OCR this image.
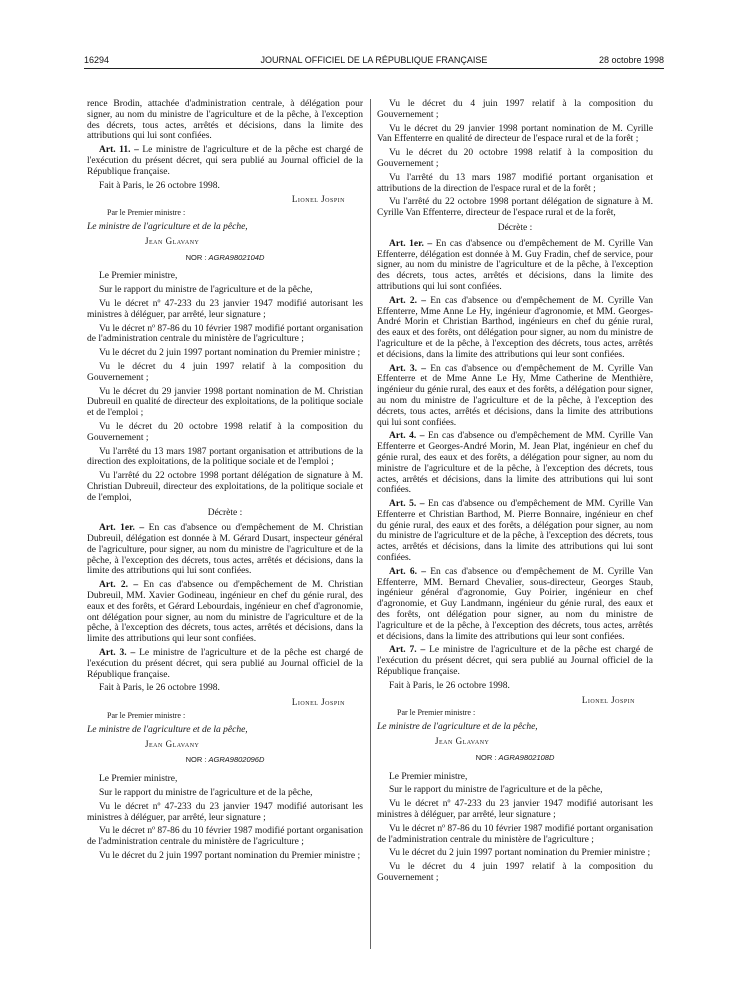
16294	JOURNAL OFFICIEL DE LA RÉPUBLIQUE FRANÇAISE	28 octobre 1998

rence Brodin, attachée d'administration centrale, à délégation pour signer, au nom du ministre de l'agriculture et de la pêche, à l'exception des décrets, tous actes, arrêtés et décisions, dans la limite des attributions qui lui sont confiées.

Art. 11. – Le ministre de l'agriculture et de la pêche est chargé de l'exécution du présent décret, qui sera publié au Journal officiel de la République française.

Fait à Paris, le 26 octobre 1998.

Lionel Jospin

Par le Premier ministre :

Le ministre de l'agriculture et de la pêche,

Jean Glavany

NOR : AGRA9802104D

Le Premier ministre,

Sur le rapport du ministre de l'agriculture et de la pêche,

Vu le décret nº 47-233 du 23 janvier 1947 modifié autorisant les ministres à déléguer, par arrêté, leur signature ;

Vu le décret nº 87-86 du 10 février 1987 modifié portant organisation de l'administration centrale du ministère de l'agriculture ;

Vu le décret du 2 juin 1997 portant nomination du Premier ministre ;

Vu le décret du 4 juin 1997 relatif à la composition du Gouvernement ;

Vu le décret du 29 janvier 1998 portant nomination de M. Christian Dubreuil en qualité de directeur des exploitations, de la politique sociale et de l'emploi ;

Vu le décret du 20 octobre 1998 relatif à la composition du Gouvernement ;

Vu l'arrêté du 13 mars 1987 portant organisation et attributions de la direction des exploitations, de la politique sociale et de l'emploi ;

Vu l'arrêté du 22 octobre 1998 portant délégation de signature à M. Christian Dubreuil, directeur des exploitations, de la politique sociale et de l'emploi,

Décrète :

Art. 1er. – En cas d'absence ou d'empêchement de M. Christian Dubreuil, délégation est donnée à M. Gérard Dusart, inspecteur général de l'agriculture, pour signer, au nom du ministre de l'agriculture et de la pêche, à l'exception des décrets, tous actes, arrêtés et décisions, dans la limite des attributions qui lui sont confiées.

Art. 2. – En cas d'absence ou d'empêchement de M. Christian Dubreuil, MM. Xavier Godineau, ingénieur en chef du génie rural, des eaux et des forêts, et Gérard Lebourdais, ingénieur en chef d'agronomie, ont délégation pour signer, au nom du ministre de l'agriculture et de la pêche, à l'exception des décrets, tous actes, arrêtés et décisions, dans la limite des attributions qui leur sont confiées.

Art. 3. – Le ministre de l'agriculture et de la pêche est chargé de l'exécution du présent décret, qui sera publié au Journal officiel de la République française.

Fait à Paris, le 26 octobre 1998.

Lionel Jospin

Par le Premier ministre :

Le ministre de l'agriculture et de la pêche,

Jean Glavany

NOR : AGRA9802096D

Le Premier ministre,

Sur le rapport du ministre de l'agriculture et de la pêche,

Vu le décret nº 47-233 du 23 janvier 1947 modifié autorisant les ministres à déléguer, par arrêté, leur signature ;

Vu le décret nº 87-86 du 10 février 1987 modifié portant organisation de l'administration centrale du ministère de l'agriculture ;

Vu le décret du 2 juin 1997 portant nomination du Premier ministre ;

Vu le décret du 4 juin 1997 relatif à la composition du Gouvernement ;

Vu le décret du 29 janvier 1998 portant nomination de M. Cyrille Van Effenterre en qualité de directeur de l'espace rural et de la forêt ;

Vu le décret du 20 octobre 1998 relatif à la composition du Gouvernement ;

Vu l'arrêté du 13 mars 1987 modifié portant organisation et attributions de la direction de l'espace rural et de la forêt ;

Vu l'arrêté du 22 octobre 1998 portant délégation de signature à M. Cyrille Van Effenterre, directeur de l'espace rural et de la forêt,

Décrète :

Art. 1er. – En cas d'absence ou d'empêchement de M. Cyrille Van Effenterre, délégation est donnée à M. Guy Fradin, chef de service, pour signer, au nom du ministre de l'agriculture et de la pêche, à l'exception des décrets, tous actes, arrêtés et décisions, dans la limite des attributions qui lui sont confiées.

Art. 2. – En cas d'absence ou d'empêchement de M. Cyrille Van Effenterre, Mme Anne Le Hy, ingénieur d'agronomie, et MM. Georges-André Morin et Christian Barthod, ingénieurs en chef du génie rural, des eaux et des forêts, ont délégation pour signer, au nom du ministre de l'agriculture et de la pêche, à l'exception des décrets, tous actes, arrêtés et décisions, dans la limite des attributions qui leur sont confiées.

Art. 3. – En cas d'absence ou d'empêchement de M. Cyrille Van Effenterre et de Mme Anne Le Hy, Mme Catherine de Menthière, ingénieur du génie rural, des eaux et des forêts, a délégation pour signer, au nom du ministre de l'agriculture et de la pêche, à l'exception des décrets, tous actes, arrêtés et décisions, dans la limite des attributions qui lui sont confiées.

Art. 4. – En cas d'absence ou d'empêchement de MM. Cyrille Van Effenterre et Georges-André Morin, M. Jean Plat, ingénieur en chef du génie rural, des eaux et des forêts, a délégation pour signer, au nom du ministre de l'agriculture et de la pêche, à l'exception des décrets, tous actes, arrêtés et décisions, dans la limite des attributions qui lui sont confiées.

Art. 5. – En cas d'absence ou d'empêchement de MM. Cyrille Van Effenterre et Christian Barthod, M. Pierre Bonnaire, ingénieur en chef du génie rural, des eaux et des forêts, a délégation pour signer, au nom du ministre de l'agriculture et de la pêche, à l'exception des décrets, tous actes, arrêtés et décisions, dans la limite des attributions qui lui sont confiées.

Art. 6. – En cas d'absence ou d'empêchement de M. Cyrille Van Effenterre, MM. Bernard Chevalier, sous-directeur, Georges Staub, ingénieur général d'agronomie, Guy Poirier, ingénieur en chef d'agronomie, et Guy Landmann, ingénieur du génie rural, des eaux et des forêts, ont délégation pour signer, au nom du ministre de l'agriculture et de la pêche, à l'exception des décrets, tous actes, arrêtés et décisions, dans la limite des attributions qui leur sont confiées.

Art. 7. – Le ministre de l'agriculture et de la pêche est chargé de l'exécution du présent décret, qui sera publié au Journal officiel de la République française.

Fait à Paris, le 26 octobre 1998.

Lionel Jospin

Par le Premier ministre :

Le ministre de l'agriculture et de la pêche,

Jean Glavany

NOR : AGRA9802108D

Le Premier ministre,

Sur le rapport du ministre de l'agriculture et de la pêche,

Vu le décret nº 47-233 du 23 janvier 1947 modifié autorisant les ministres à déléguer, par arrêté, leur signature ;

Vu le décret nº 87-86 du 10 février 1987 modifié portant organisation de l'administration centrale du ministère de l'agriculture ;

Vu le décret du 2 juin 1997 portant nomination du Premier ministre ;

Vu le décret du 4 juin 1997 relatif à la composition du Gouvernement ;
